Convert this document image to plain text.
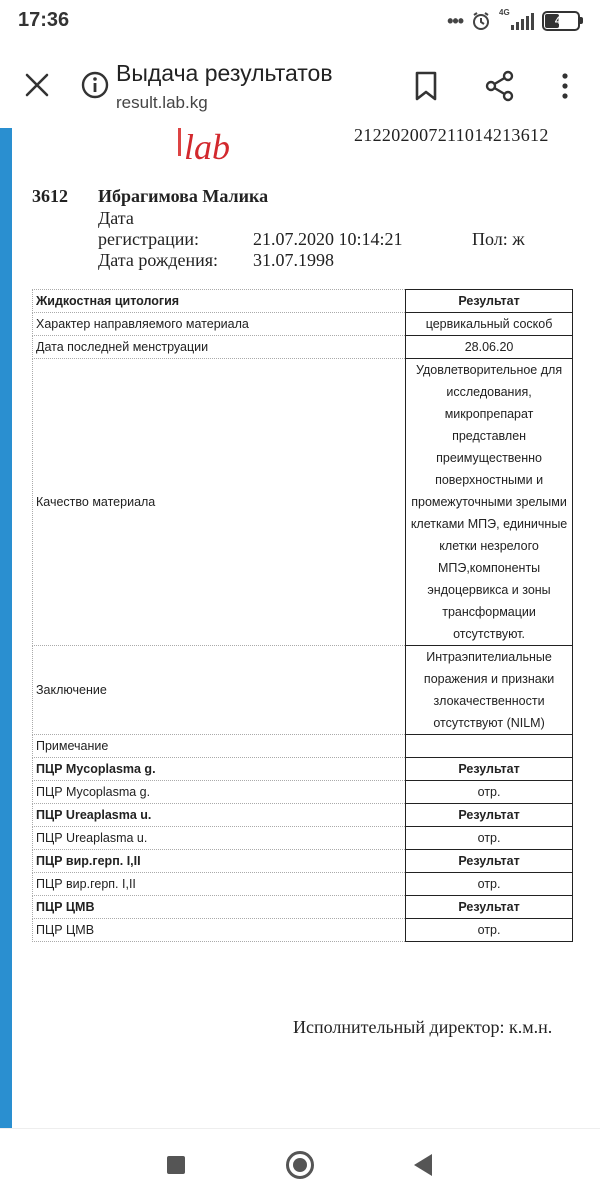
17:36	•••	4G
41
Выдача результатов
result.lab.kg
lab	212202007211014213612
3612 Ибрагимова Малика
Дата
регистрации:	21.07.2020 10:14:21	Пол: ж
Дата рождения: 31.07.1998
Жидкостная цитология	Результат
Характер направляемого материала	цервикальный соскоб
Дата последней менструации	28.06.20
Качество материала	Удовлетворительное для исследования, микропрепарат представлен преимущественно поверхностными и промежуточными зрелыми клетками МПЭ, единичные клетки незрелого МПЭ,компоненты эндоцервикса и зоны трансформации отсутствуют.
Заключение	Интраэпителиальные поражения и признаки злокачественности отсутствуют (NILM)
Примечание	
ПЦР Mycoplasma g.	Результат
ПЦР Mycoplasma g.	отр.
ПЦР Ureaplasma u.	Результат
ПЦР Ureaplasma u.	отр.
ПЦР вир.герп. I,II	Результат
ПЦР вир.герп. I,II	отр.
ПЦР ЦМВ	Результат
ПЦР ЦМВ	отр.
Исполнительный директор: к.м.н.
